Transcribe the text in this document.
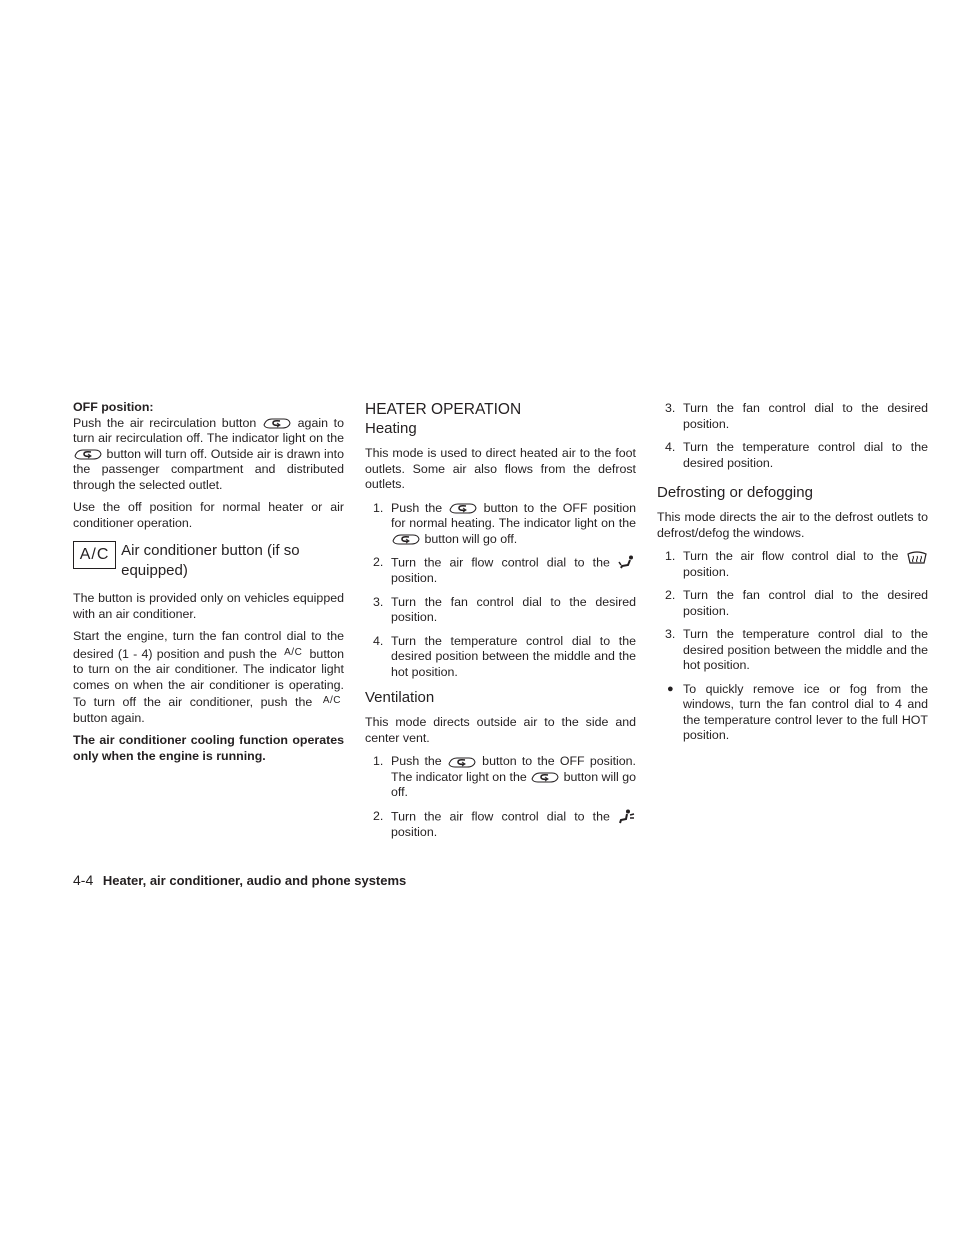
OFF position:

Push the air recirculation button	again to turn air recirculation off. The indicator light on the  button will turn off. Outside air is drawn into the passenger compartment and distributed through the selected outlet.

Use the off position for normal heater or air conditioner operation.

A/C Air conditioner button (if so equipped)

The button is provided only on vehicles equipped with an air conditioner.

Start the engine, turn the fan control dial to the desired (1 - 4) position and push the $^{A/C}$ button to turn on the air conditioner. The indicator light comes on when the air conditioner is operating. To turn off the air conditioner, push the $^{A/C}$ button again.

The air conditioner cooling function operates only when the engine is running.

HEATER OPERATION
Heating

This mode is used to direct heated air to the foot outlets. Some air also flows from the defrost outlets.

1. Push the	button to the OFF position for normal heating. The indicator light on the  button will go off.
2. Turn the air flow control dial to the  position.
3. Turn the fan control dial to the desired position.
4. Turn the temperature control dial to the desired position between the middle and the hot position.
Ventilation

This mode directs outside air to the side and center vent.

1. Push the	button to the OFF position. The indicator light on the	button will go off.
2. Turn the air flow control dial to the  position.
3. Turn the fan control dial to the desired position.
4. Turn the temperature control dial to the desired position.
Defrosting or defogging

This mode directs the air to the defrost outlets to defrost/defog the windows.

1. Turn the air flow control dial to the  position.
2. Turn the fan control dial to the desired position.
3. Turn the temperature control dial to the desired position between the middle and the hot position.
● To quickly remove ice or fog from the windows, turn the fan control dial to 4 and the temperature control lever to the full HOT position.
4-4 Heater, air conditioner, audio and phone systems
